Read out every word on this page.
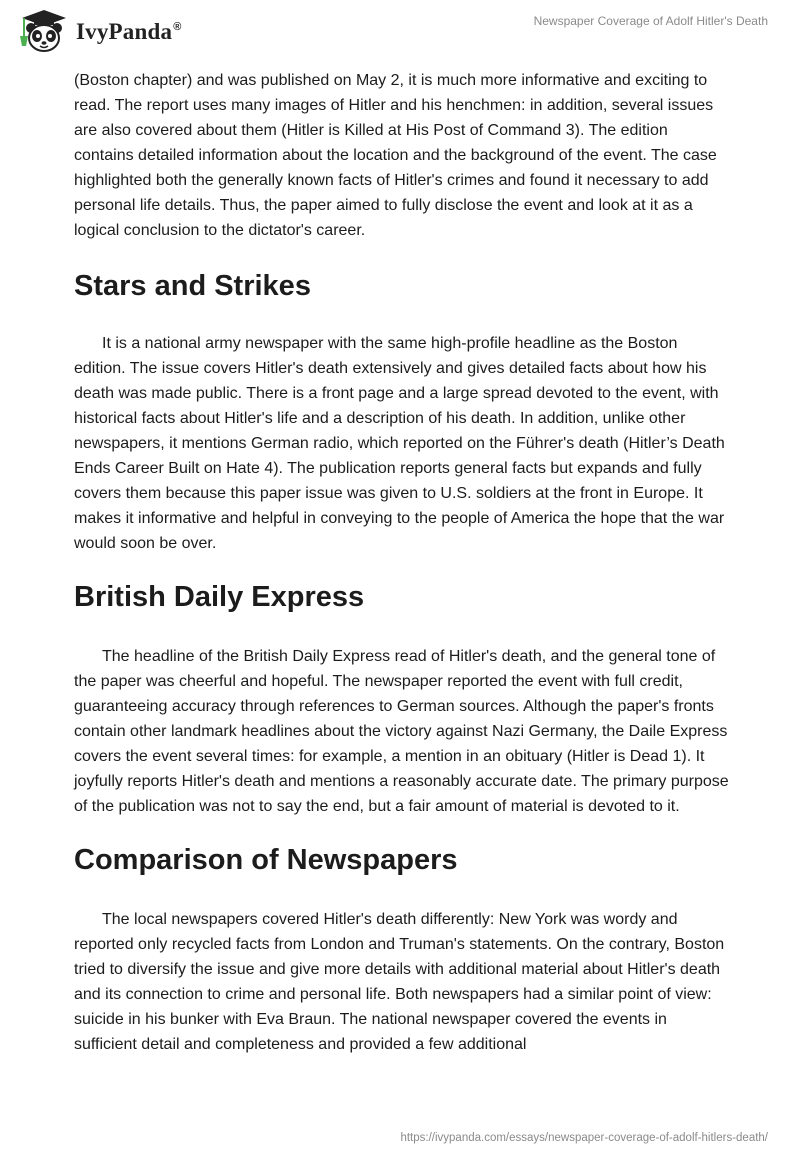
IvyPanda®	Newspaper Coverage of Adolf Hitler's Death

(Boston chapter) and was published on May 2, it is much more informative and exciting to read. The report uses many images of Hitler and his henchmen: in addition, several issues are also covered about them (Hitler is Killed at His Post of Command 3). The edition contains detailed information about the location and the background of the event. The case highlighted both the generally known facts of Hitler's crimes and found it necessary to add personal life details. Thus, the paper aimed to fully disclose the event and look at it as a logical conclusion to the dictator's career.

Stars and Strikes

It is a national army newspaper with the same high-profile headline as the Boston edition. The issue covers Hitler's death extensively and gives detailed facts about how his death was made public. There is a front page and a large spread devoted to the event, with historical facts about Hitler's life and a description of his death. In addition, unlike other newspapers, it mentions German radio, which reported on the Führer's death (Hitler’s Death Ends Career Built on Hate 4). The publication reports general facts but expands and fully covers them because this paper issue was given to U.S. soldiers at the front in Europe. It makes it informative and helpful in conveying to the people of America the hope that the war would soon be over.

British Daily Express

The headline of the British Daily Express read of Hitler's death, and the general tone of the paper was cheerful and hopeful. The newspaper reported the event with full credit, guaranteeing accuracy through references to German sources. Although the paper's fronts contain other landmark headlines about the victory against Nazi Germany, the Daile Express covers the event several times: for example, a mention in an obituary (Hitler is Dead 1). It joyfully reports Hitler's death and mentions a reasonably accurate date. The primary purpose of the publication was not to say the end, but a fair amount of material is devoted to it.

Comparison of Newspapers

The local newspapers covered Hitler's death differently: New York was wordy and reported only recycled facts from London and Truman's statements. On the contrary, Boston tried to diversify the issue and give more details with additional material about Hitler's death and its connection to crime and personal life. Both newspapers had a similar point of view: suicide in his bunker with Eva Braun. The national newspaper covered the events in sufficient detail and completeness and provided a few additional

https://ivypanda.com/essays/newspaper-coverage-of-adolf-hitlers-death/
